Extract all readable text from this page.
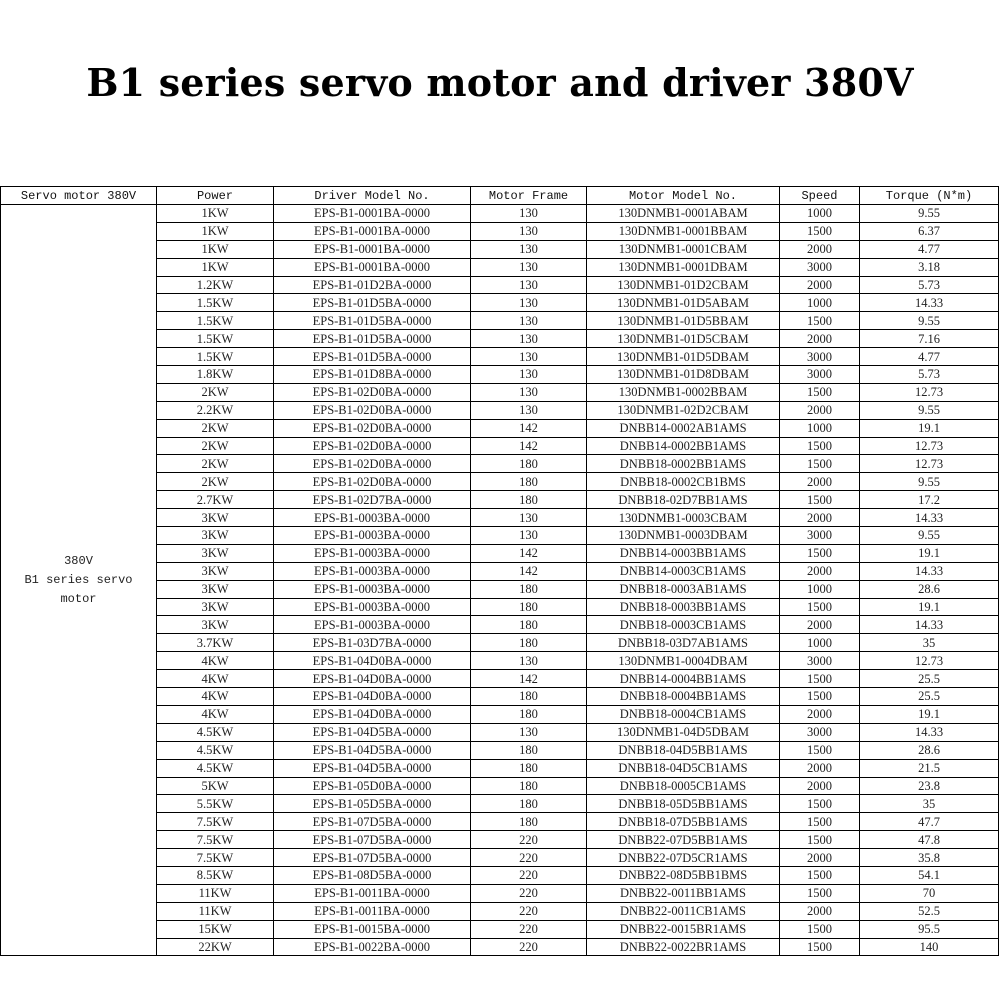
B1 series servo motor and driver 380V
Servo motor 380V	Power	Driver Model No.	Motor Frame	Motor Model No.	Speed	Torque (N*m)

380V
B1 series servo
motor	1KW	EPS-B1-0001BA-0000	130	130DNMB1-0001ABAM	1000	9.55
	1KW	EPS-B1-0001BA-0000	130	130DNMB1-0001BBAM	1500	6.37
	1KW	EPS-B1-0001BA-0000	130	130DNMB1-0001CBAM	2000	4.77
	1KW	EPS-B1-0001BA-0000	130	130DNMB1-0001DBAM	3000	3.18
	1.2KW	EPS-B1-01D2BA-0000	130	130DNMB1-01D2CBAM	2000	5.73
	1.5KW	EPS-B1-01D5BA-0000	130	130DNMB1-01D5ABAM	1000	14.33
	1.5KW	EPS-B1-01D5BA-0000	130	130DNMB1-01D5BBAM	1500	9.55
	1.5KW	EPS-B1-01D5BA-0000	130	130DNMB1-01D5CBAM	2000	7.16
	1.5KW	EPS-B1-01D5BA-0000	130	130DNMB1-01D5DBAM	3000	4.77
	1.8KW	EPS-B1-01D8BA-0000	130	130DNMB1-01D8DBAM	3000	5.73
	2KW	EPS-B1-02D0BA-0000	130	130DNMB1-0002BBAM	1500	12.73
	2.2KW	EPS-B1-02D0BA-0000	130	130DNMB1-02D2CBAM	2000	9.55
	2KW	EPS-B1-02D0BA-0000	142	DNBB14-0002AB1AMS	1000	19.1
	2KW	EPS-B1-02D0BA-0000	142	DNBB14-0002BB1AMS	1500	12.73
	2KW	EPS-B1-02D0BA-0000	180	DNBB18-0002BB1AMS	1500	12.73
	2KW	EPS-B1-02D0BA-0000	180	DNBB18-0002CB1BMS	2000	9.55
	2.7KW	EPS-B1-02D7BA-0000	180	DNBB18-02D7BB1AMS	1500	17.2
	3KW	EPS-B1-0003BA-0000	130	130DNMB1-0003CBAM	2000	14.33
	3KW	EPS-B1-0003BA-0000	130	130DNMB1-0003DBAM	3000	9.55
	3KW	EPS-B1-0003BA-0000	142	DNBB14-0003BB1AMS	1500	19.1
	3KW	EPS-B1-0003BA-0000	142	DNBB14-0003CB1AMS	2000	14.33
	3KW	EPS-B1-0003BA-0000	180	DNBB18-0003AB1AMS	1000	28.6
	3KW	EPS-B1-0003BA-0000	180	DNBB18-0003BB1AMS	1500	19.1
	3KW	EPS-B1-0003BA-0000	180	DNBB18-0003CB1AMS	2000	14.33
	3.7KW	EPS-B1-03D7BA-0000	180	DNBB18-03D7AB1AMS	1000	35
	4KW	EPS-B1-04D0BA-0000	130	130DNMB1-0004DBAM	3000	12.73
	4KW	EPS-B1-04D0BA-0000	142	DNBB14-0004BB1AMS	1500	25.5
	4KW	EPS-B1-04D0BA-0000	180	DNBB18-0004BB1AMS	1500	25.5
	4KW	EPS-B1-04D0BA-0000	180	DNBB18-0004CB1AMS	2000	19.1
	4.5KW	EPS-B1-04D5BA-0000	130	130DNMB1-04D5DBAM	3000	14.33
	4.5KW	EPS-B1-04D5BA-0000	180	DNBB18-04D5BB1AMS	1500	28.6
	4.5KW	EPS-B1-04D5BA-0000	180	DNBB18-04D5CB1AMS	2000	21.5
	5KW	EPS-B1-05D0BA-0000	180	DNBB18-0005CB1AMS	2000	23.8
	5.5KW	EPS-B1-05D5BA-0000	180	DNBB18-05D5BB1AMS	1500	35
	7.5KW	EPS-B1-07D5BA-0000	180	DNBB18-07D5BB1AMS	1500	47.7
	7.5KW	EPS-B1-07D5BA-0000	220	DNBB22-07D5BB1AMS	1500	47.8
	7.5KW	EPS-B1-07D5BA-0000	220	DNBB22-07D5CR1AMS	2000	35.8
	8.5KW	EPS-B1-08D5BA-0000	220	DNBB22-08D5BB1BMS	1500	54.1
	11KW	EPS-B1-0011BA-0000	220	DNBB22-0011BB1AMS	1500	70
	11KW	EPS-B1-0011BA-0000	220	DNBB22-0011CB1AMS	2000	52.5
	15KW	EPS-B1-0015BA-0000	220	DNBB22-0015BR1AMS	1500	95.5
	22KW	EPS-B1-0022BA-0000	220	DNBB22-0022BR1AMS	1500	140
